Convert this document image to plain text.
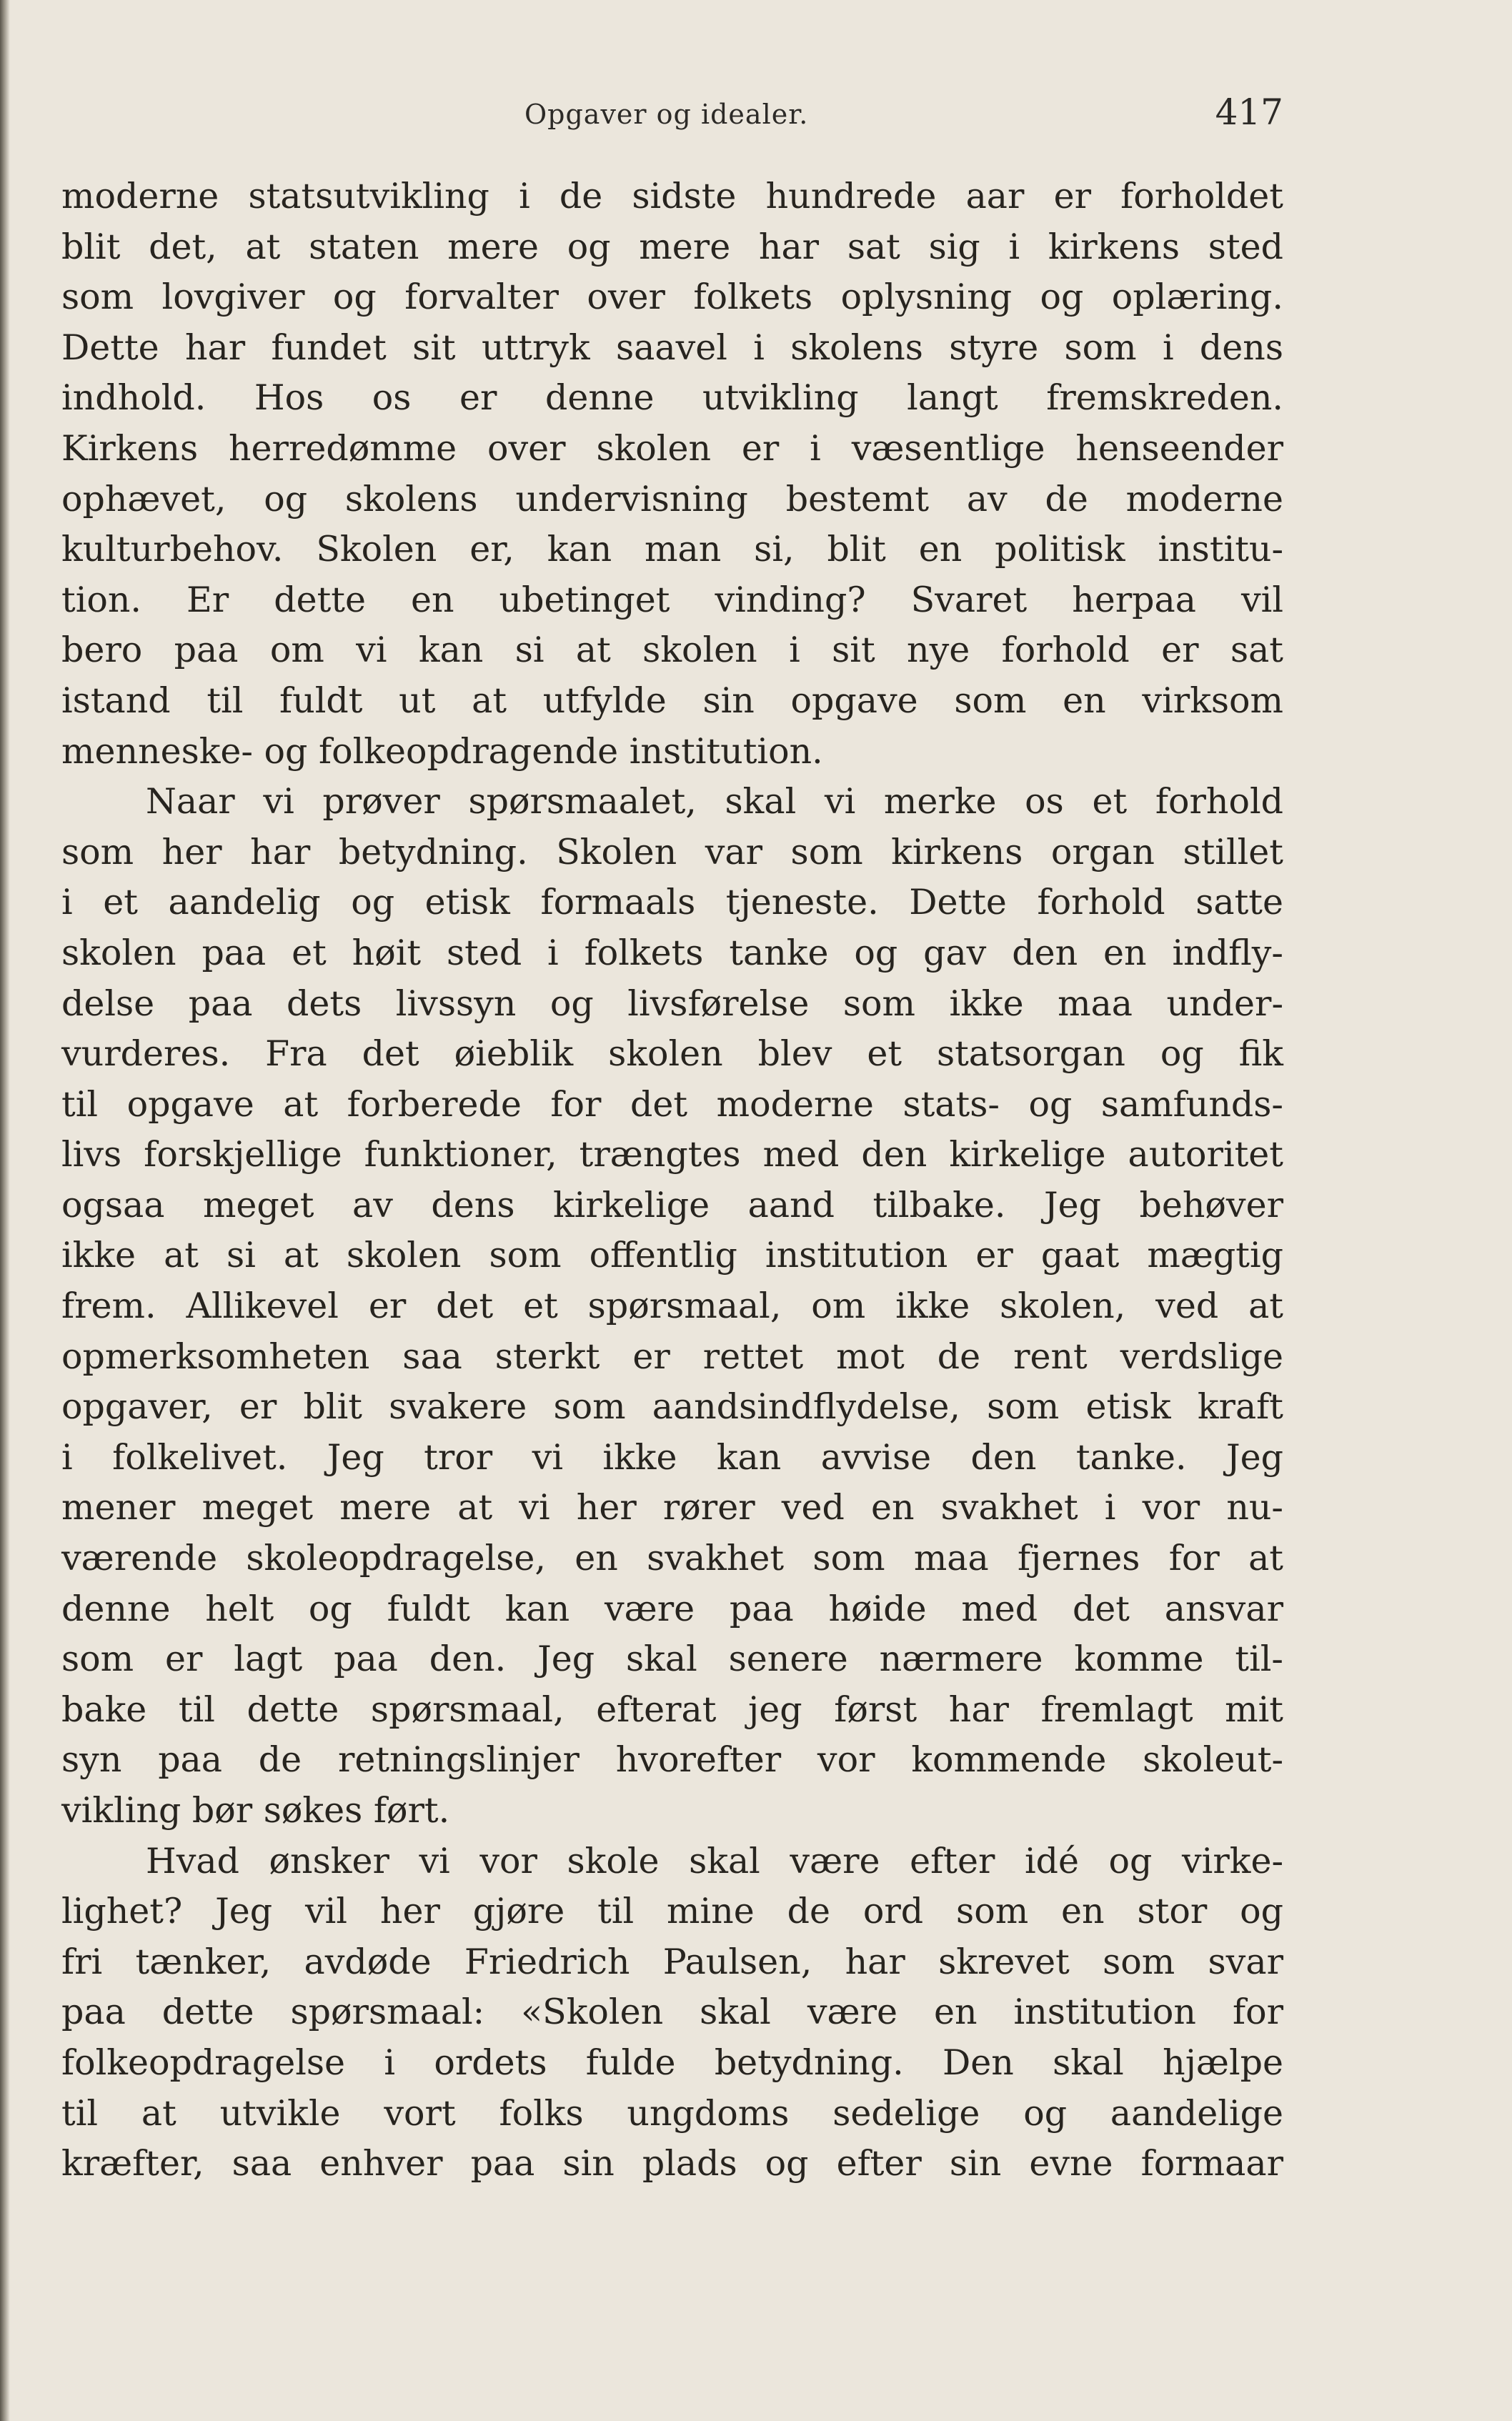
Opgaver og idealer.	417
moderne statsutvikling i de sidste hundrede aar er forholdet
blit det, at staten mere og mere har sat sig i kirkens sted
som lovgiver og forvalter over folkets oplysning og oplæring.
Dette har fundet sit uttryk saavel i skolens styre som i dens
indhold. Hos os er denne utvikling langt fremskreden.
Kirkens herredømme over skolen er i væsentlige henseender
ophævet, og skolens undervisning bestemt av de moderne
kulturbehov. Skolen er, kan man si, blit en politisk institu-
tion. Er dette en ubetinget vinding? Svaret herpaa vil
bero paa om vi kan si at skolen i sit nye forhold er sat
istand til fuldt ut at utfylde sin opgave som en virksom
menneske- og folkeopdragende institution.
Naar vi prøver spørsmaalet, skal vi merke os et forhold
som her har betydning. Skolen var som kirkens organ stillet
i et aandelig og etisk formaals tjeneste. Dette forhold satte
skolen paa et høit sted i folkets tanke og gav den en indfly-
delse paa dets livssyn og livsførelse som ikke maa under-
vurderes. Fra det øieblik skolen blev et statsorgan og fik
til opgave at forberede for det moderne stats- og samfunds-
livs forskjellige funktioner, trængtes med den kirkelige autoritet
ogsaa meget av dens kirkelige aand tilbake. Jeg behøver
ikke at si at skolen som offentlig institution er gaat mægtig
frem. Allikevel er det et spørsmaal, om ikke skolen, ved at
opmerksomheten saa sterkt er rettet mot de rent verdslige
opgaver, er blit svakere som aandsindflydelse, som etisk kraft
i folkelivet. Jeg tror vi ikke kan avvise den tanke. Jeg
mener meget mere at vi her rører ved en svakhet i vor nu-
værende skoleopdragelse, en svakhet som maa fjernes for at
denne helt og fuldt kan være paa høide med det ansvar
som er lagt paa den. Jeg skal senere nærmere komme til-
bake til dette spørsmaal, efterat jeg først har fremlagt mit
syn paa de retningslinjer hvorefter vor kommende skoleut-
vikling bør søkes ført.
Hvad ønsker vi vor skole skal være efter idé og virke-
lighet? Jeg vil her gjøre til mine de ord som en stor og
fri tænker, avdøde Friedrich Paulsen, har skrevet som svar
paa dette spørsmaal: «Skolen skal være en institution for
folkeopdragelse i ordets fulde betydning. Den skal hjælpe
til at utvikle vort folks ungdoms sedelige og aandelige
kræfter, saa enhver paa sin plads og efter sin evne formaar
